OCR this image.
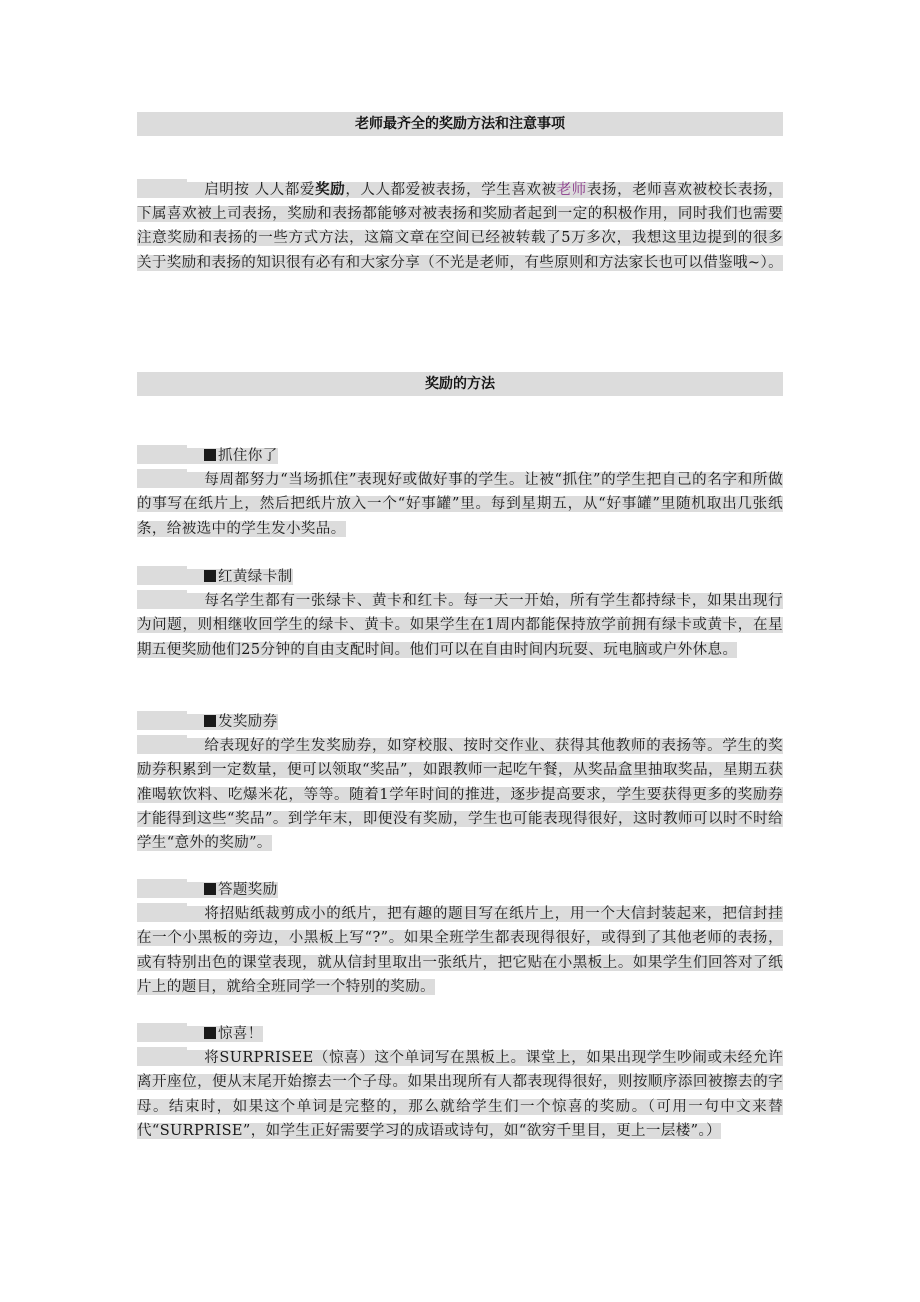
老师最齐全的奖励方法和注意事项
启明按 人人都爱奖励，人人都爱被表扬，学生喜欢被老师表扬，老师喜欢被校长表扬，下属喜欢被上司表扬，奖励和表扬都能够对被表扬和奖励者起到一定的积极作用，同时我们也需要注意奖励和表扬的一些方式方法，这篇文章在空间已经被转载了5万多次，我想这里边提到的很多关于奖励和表扬的知识很有必有和大家分享（不光是老师，有些原则和方法家长也可以借鉴哦~）。
奖励的方法
抓住你了
每周都努力“当场抓住”表现好或做好事的学生。让被“抓住”的学生把自己的名字和所做的事写在纸片上，然后把纸片放入一个“好事罐”里。每到星期五，从“好事罐”里随机取出几张纸条，给被选中的学生发小奖品。
红黄绿卡制
每名学生都有一张绿卡、黄卡和红卡。每一天一开始，所有学生都持绿卡，如果出现行为问题，则相继收回学生的绿卡、黄卡。如果学生在1周内都能保持放学前拥有绿卡或黄卡，在星期五便奖励他们25分钟的自由支配时间。他们可以在自由时间内玩耍、玩电脑或户外休息。
发奖励券
给表现好的学生发奖励券，如穿校服、按时交作业、获得其他教师的表扬等。学生的奖励券积累到一定数量，便可以领取“奖品”，如跟教师一起吃午餐，从奖品盒里抽取奖品，星期五获准喝软饮料、吃爆米花，等等。随着1学年时间的推进，逐步提高要求，学生要获得更多的奖励券才能得到这些“奖品”。到学年末，即便没有奖励，学生也可能表现得很好，这时教师可以时不时给学生“意外的奖励”。
答题奖励
将招贴纸裁剪成小的纸片，把有趣的题目写在纸片上，用一个大信封装起来，把信封挂在一个小黑板的旁边，小黑板上写“?”。如果全班学生都表现得很好，或得到了其他老师的表扬，或有特别出色的课堂表现，就从信封里取出一张纸片，把它贴在小黑板上。如果学生们回答对了纸片上的题目，就给全班同学一个特别的奖励。
惊喜！
将SURPRISEE（惊喜）这个单词写在黑板上。课堂上，如果出现学生吵闹或未经允许离开座位，便从末尾开始擦去一个子母。如果出现所有人都表现得很好，则按顺序添回被擦去的字母。结束时，如果这个单词是完整的，那么就给学生们一个惊喜的奖励。（可用一句中文来替代“SURPRISE”，如学生正好需要学习的成语或诗句，如“欲穷千里目，更上一层楼”。）
